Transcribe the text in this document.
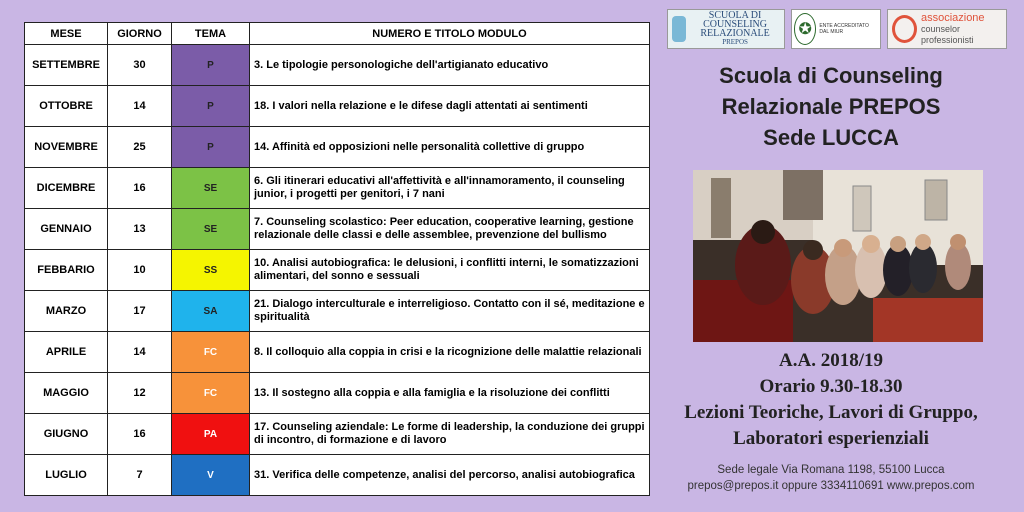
MESE	GIORNO	TEMA	NUMERO E TITOLO MODULO
SETTEMBRE	30	P	3. Le tipologie personologiche dell'artigianato educativo
OTTOBRE	14	P	18. I valori nella relazione e le difese dagli attentati ai sentimenti
NOVEMBRE	25	P	14. Affinità ed opposizioni nelle personalità collettive di gruppo
DICEMBRE	16	SE	6. Gli itinerari educativi all'affettività e all'innamoramento, il counseling junior, i progetti per genitori, i 7 nani
GENNAIO	13	SE	7. Counseling scolastico: Peer education, cooperative learning, gestione relazionale delle classi e delle assemblee, prevenzione del bullismo
FEBBARIO	10	SS	10. Analisi autobiografica: le delusioni, i conflitti interni, le somatizzazioni alimentari, del sonno e sessuali
MARZO	17	SA	21. Dialogo interculturale e interreligioso. Contatto con il sé, meditazione e spiritualità
APRILE	14	FC	8. Il colloquio alla coppia in crisi e la ricognizione delle malattie relazionali
MAGGIO	12	FC	13. Il sostegno alla coppia e alla famiglia e la risoluzione dei conflitti
GIUGNO	16	PA	17. Counseling aziendale: Le forme di leadership, la conduzione dei gruppi di incontro, di formazione e di lavoro
LUGLIO	7	V	31. Verifica delle competenze, analisi del percorso, analisi autobiografica
SCUOLA DI COUNSELING RELAZIONALE
PREPOS
✪	ENTE ACCREDITATO DAL MIUR
associazione
counselor professionisti
Scuola di Counseling
Relazionale PREPOS
Sede LUCCA
A.A. 2018/19
Orario 9.30-18.30
Lezioni Teoriche, Lavori di Gruppo,
Laboratori esperienziali
Sede legale Via Romana 1198, 55100 Lucca
prepos@prepos.it oppure 3334110691 www.prepos.com
